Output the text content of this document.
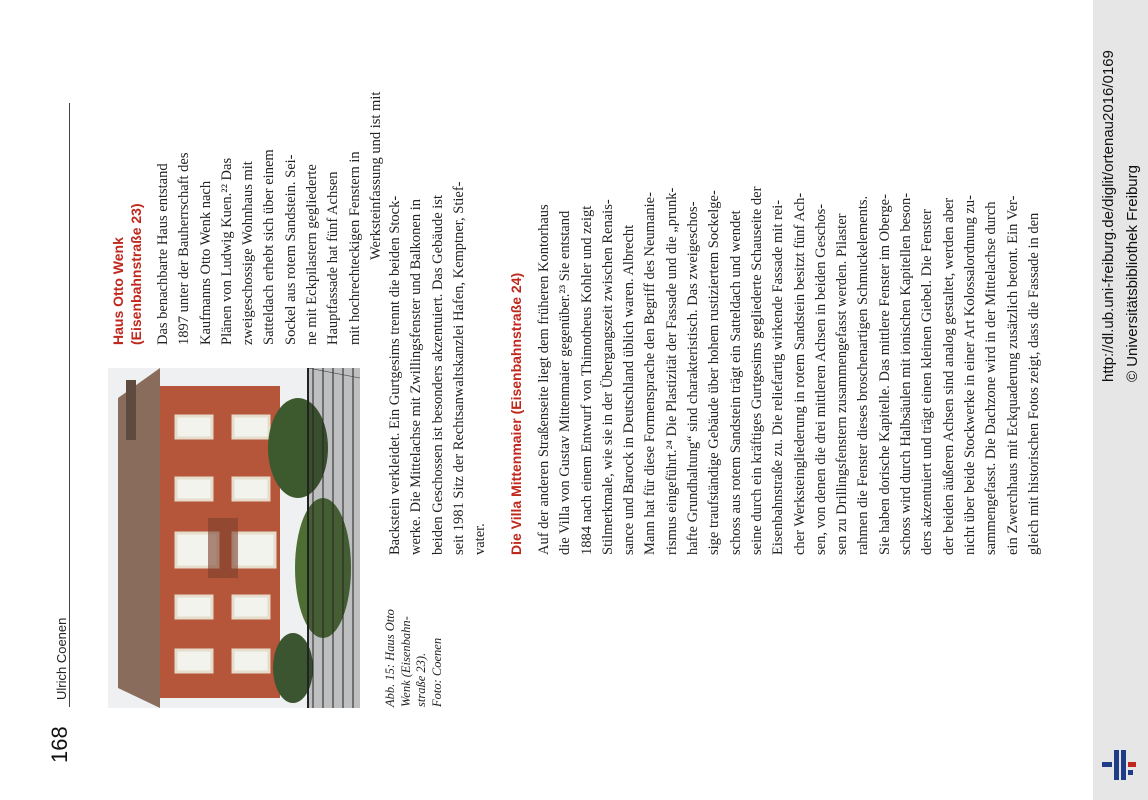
http://dl.ub.uni-freiburg.de/diglit/ortenau2016/0169 © Universitätsbibliothek Freiburg
168
Ulrich Coenen	Abb. 15: Haus Otto Wenk (Eisenbahn- straße 23). Foto: Coenen
Haus Otto Wenk (Eisenbahnstraße 23) Das benachbarte Haus entstand 1897 unter der Bauherrschaft des Kaufmanns Otto Wenk nach Plänen von Ludwig Kuen.²² Das zweigeschossige Wohnhaus mit Satteldach erhebt sich über einem Sockel aus rotem Sandstein. Sei- ne mit Eckpilastern gegliederte Hauptfassade hat fünf Achsen mit hochrechteckigen Fenstern in Werksteinfassung und ist mit

Backstein verkleidet. Ein Gurtgesims trennt die beiden Stock- werke. Die Mittelachse mit Zwillingsfenster und Balkonen in beiden Geschossen ist besonders akzentuiert. Das Gebäude ist seit 1981 Sitz der Rechtsanwaltskanzlei Hafen, Kemptner, Stief- vater. Die Villa Mittenmaier (Eisenbahnstraße 24) Auf der anderen Straßenseite liegt dem früheren Kontorhaus die Villa von Gustav Mittenmaier gegenüber.²³ Sie entstand 1884 nach einem Entwurf von Thimotheus Kohler und zeigt Stilmerkmale, wie sie in der Übergangszeit zwischen Renais- sance und Barock in Deutschland üblich waren. Albrecht Mann hat für diese Formensprache den Begriff des Neumanie- rismus eingeführt.²⁴ Die Plastizität der Fassade und die „prunk- hafte Grundhaltung“ sind charakteristisch. Das zweigeschos- sige traufständige Gebäude über hohem rustiziertem Sockelge- schoss aus rotem Sandstein trägt ein Satteldach und wendet seine durch ein kräftiges Gurtgesims gegliederte Schauseite der Eisenbahnstraße zu. Die reliefartig wirkende Fassade mit rei- cher Werksteingliederung in rotem Sandstein besitzt fünf Ach- sen, von denen die drei mittleren Achsen in beiden Geschos- sen zu Drillingsfenstern zusammengefasst werden. Pilaster rahmen die Fenster dieses broschenartigen Schmuckelements. Sie haben dorische Kapitelle. Das mittlere Fenster im Oberge- schoss wird durch Halbsäulen mit ionischen Kapitellen beson- ders akzentuiert und trägt einen kleinen Giebel. Die Fenster der beiden äußeren Achsen sind analog gestaltet, werden aber nicht über beide Stockwerke in einer Art Kolossalordnung zu- sammengefasst. Die Dachzone wird in der Mittelachse durch ein Zwerchhaus mit Eckquaderung zusätzlich betont. Ein Ver- gleich mit historischen Fotos zeigt, dass die Fassade in den
